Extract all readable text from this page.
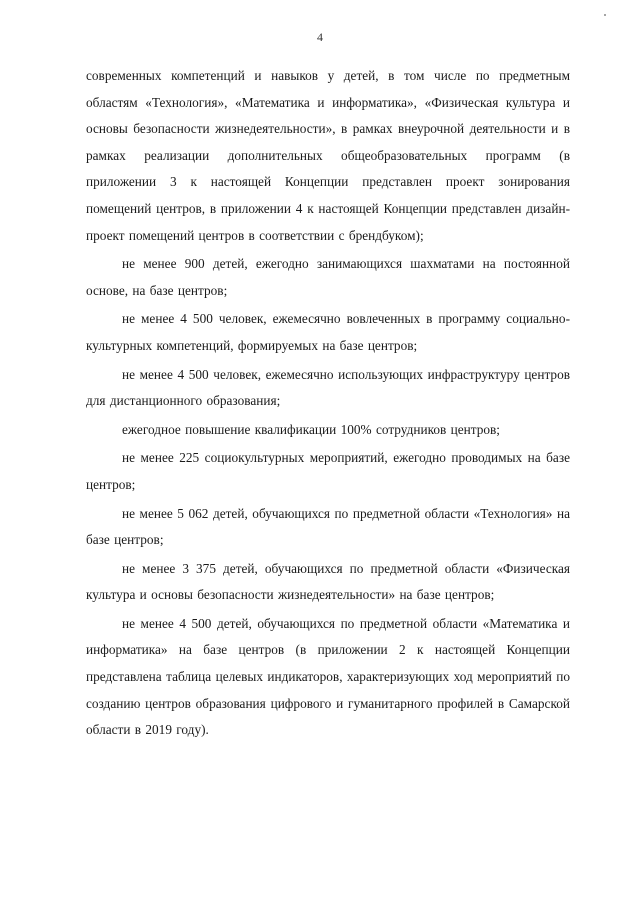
4

современных компетенций и навыков у детей, в том числе по предметным областям «Технология», «Математика и информатика», «Физическая культура и основы безопасности жизнедеятельности», в рамках внеурочной деятельности и в рамках реализации дополнительных общеобразовательных программ (в приложении 3 к настоящей Концепции представлен проект зонирования помещений центров, в приложении 4 к настоящей Концепции представлен дизайн-проект помещений центров в соответствии с брендбуком);

не менее 900 детей, ежегодно занимающихся шахматами на постоянной основе, на базе центров;

не менее 4 500 человек, ежемесячно вовлеченных в программу социально-культурных компетенций, формируемых на базе центров;

не менее 4 500 человек, ежемесячно использующих инфраструктуру центров для дистанционного образования;

ежегодное повышение квалификации 100% сотрудников центров;

не менее 225 социокультурных мероприятий, ежегодно проводимых на базе центров;

не менее 5 062 детей, обучающихся по предметной области «Технология» на базе центров;

не менее 3 375 детей, обучающихся по предметной области «Физическая культура и основы безопасности жизнедеятельности» на базе центров;

не менее 4 500 детей, обучающихся по предметной области «Математика и информатика» на базе центров (в приложении 2 к настоящей Концепции представлена таблица целевых индикаторов, характеризующих ход мероприятий по созданию центров образования цифрового и гуманитарного профилей в Самарской области в 2019 году).
